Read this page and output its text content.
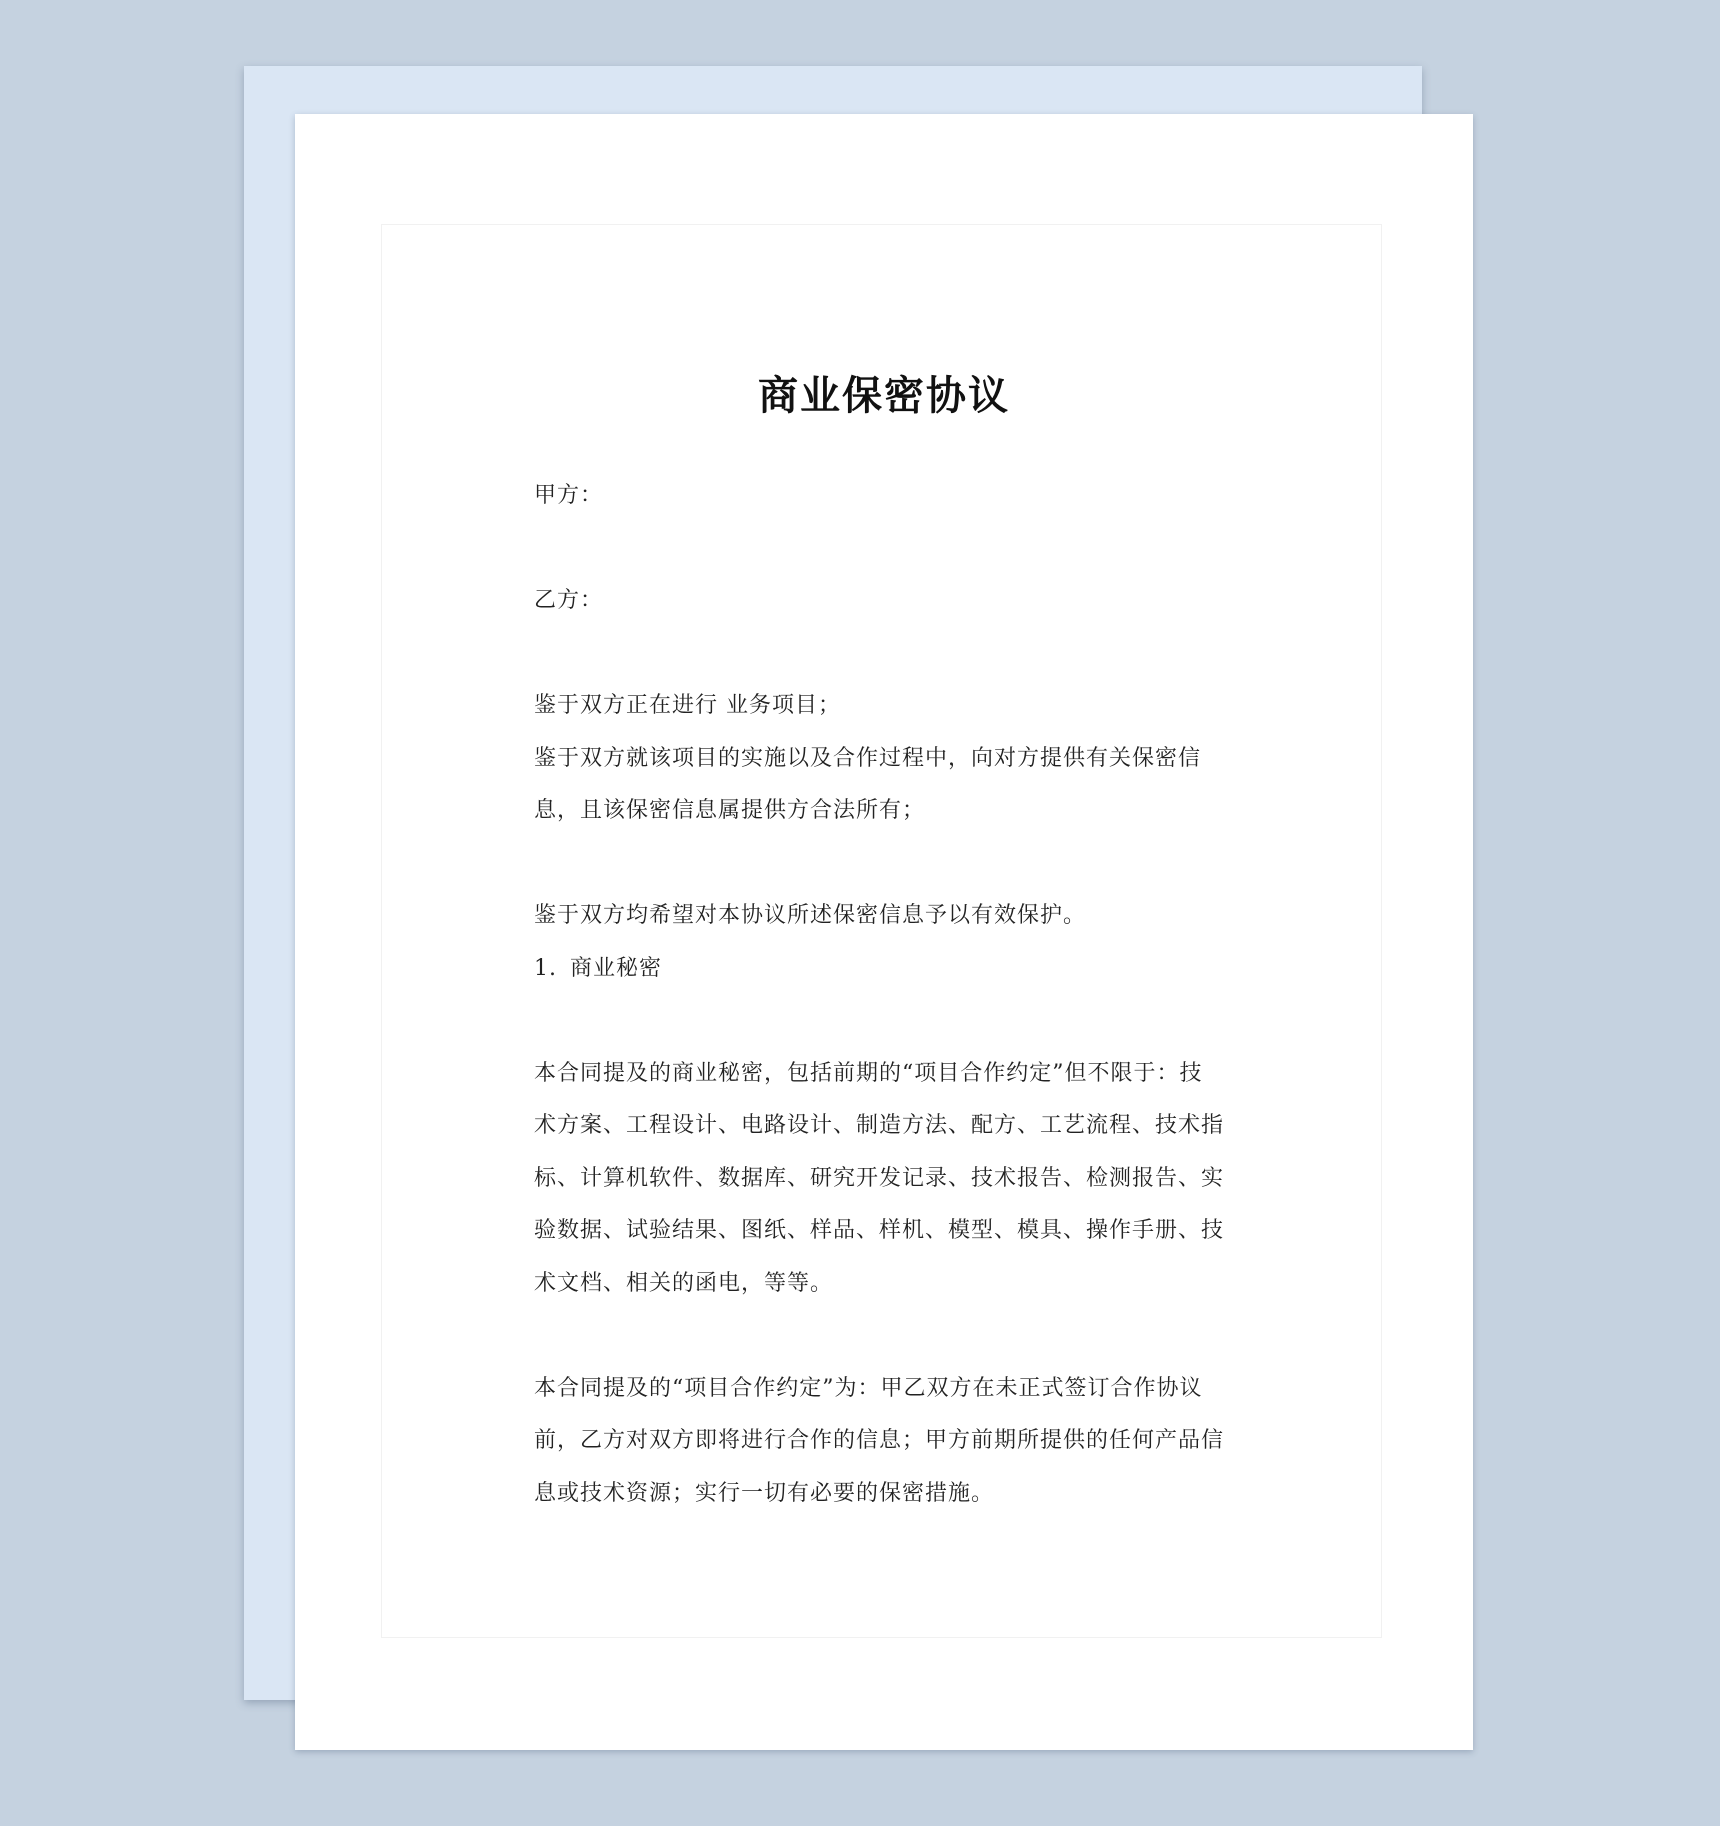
商业保密协议
甲方：
乙方：
鉴于双方正在进行 业务项目；
鉴于双方就该项目的实施以及合作过程中，向对方提供有关保密信
息，且该保密信息属提供方合法所有；
鉴于双方均希望对本协议所述保密信息予以有效保护。
1. 商业秘密
本合同提及的商业秘密，包括前期的“项目合作约定”但不限于：技
术方案、工程设计、电路设计、制造方法、配方、工艺流程、技术指
标、计算机软件、数据库、研究开发记录、技术报告、检测报告、实
验数据、试验结果、图纸、样品、样机、模型、模具、操作手册、技
术文档、相关的函电，等等。
本合同提及的“项目合作约定”为：甲乙双方在未正式签订合作协议
前，乙方对双方即将进行合作的信息；甲方前期所提供的任何产品信
息或技术资源；实行一切有必要的保密措施。
